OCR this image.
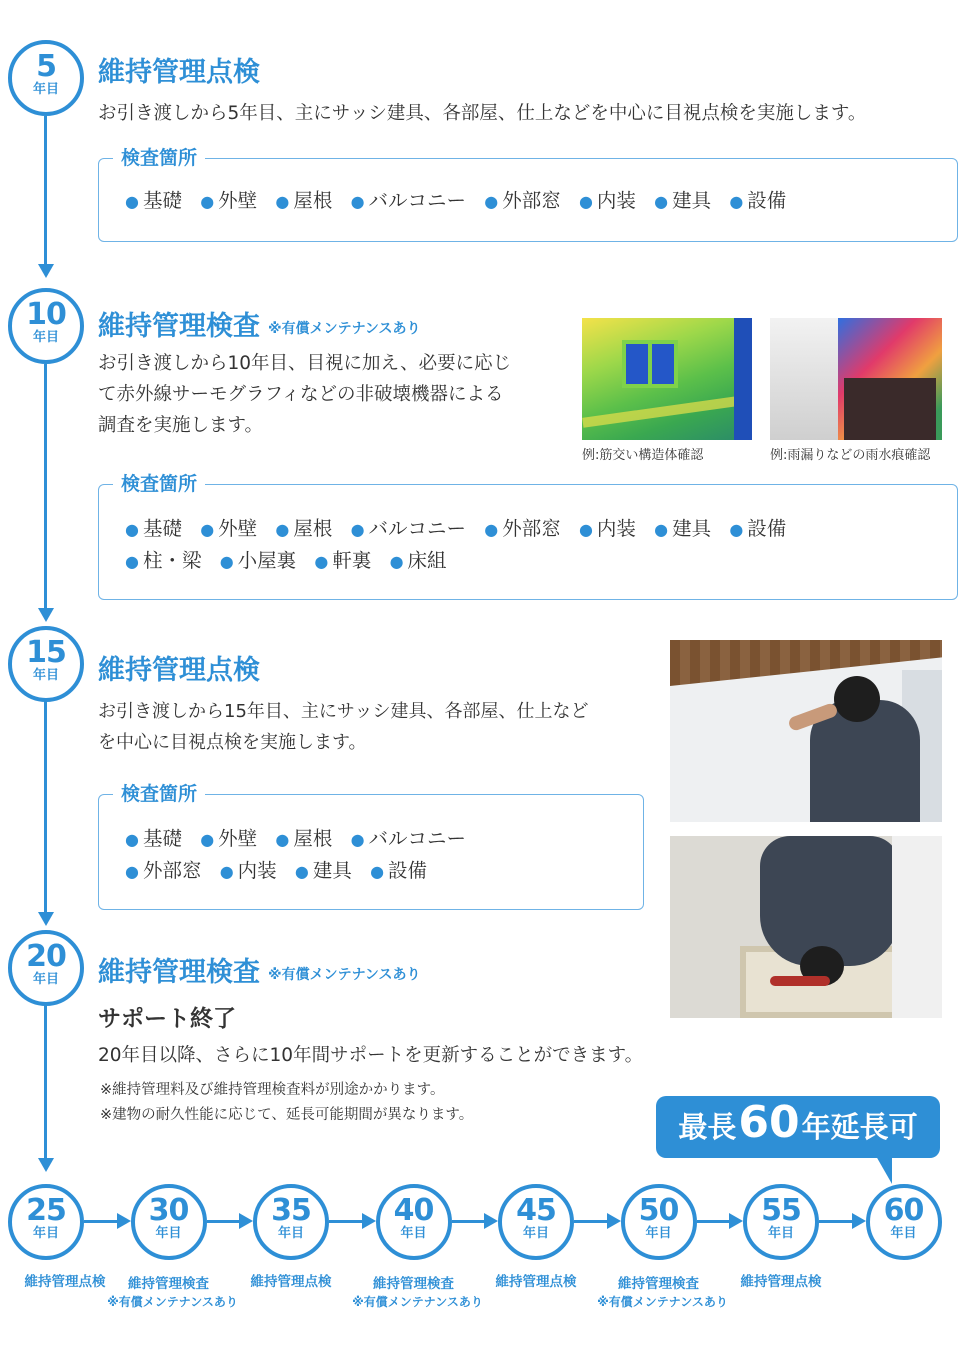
5
年目
維持管理点検
お引き渡しから5年目、主にサッシ建具、各部屋、仕上などを中心に目視点検を実施します。
検査箇所
● 基礎 ● 外壁 ● 屋根 ● バルコニー ● 外部窓 ● 内装 ● 建具 ● 設備
10
年目	維持管理検査 ※有償メンテナンスあり
お引き渡しから10年目、目視に加え、必要に応じ
て赤外線サーモグラフィなどの非破壊機器による
調査を実施します。
例:筋交い構造体確認	例:雨漏りなどの雨水痕確認
検査箇所
● 基礎 ● 外壁 ● 屋根 ● バルコニー ● 外部窓 ● 内装 ● 建具 ● 設備
● 柱・梁 ● 小屋裏 ● 軒裏 ● 床組
15
年目	維持管理点検
お引き渡しから15年目、主にサッシ建具、各部屋、仕上など
を中心に目視点検を実施します。
検査箇所
● 基礎 ● 外壁 ● 屋根 ● バルコニー
● 外部窓 ● 内装 ● 建具 ● 設備
20
年目	維持管理検査 ※有償メンテナンスあり
サポート終了
20年目以降、さらに10年間サポートを更新することができます。
※維持管理料及び維持管理検査料が別途かかります。
※建物の耐久性能に応じて、延長可能期間が異なります。	最長60年延長可
25
年目
維持管理点検
30
年目
維持管理検査
※有償メンテナンスあり
35
年目
維持管理点検
40
年目
維持管理検査
※有償メンテナンスあり
45
年目
維持管理点検
50
年目
維持管理検査
※有償メンテナンスあり
55
年目
維持管理点検
60
年目
